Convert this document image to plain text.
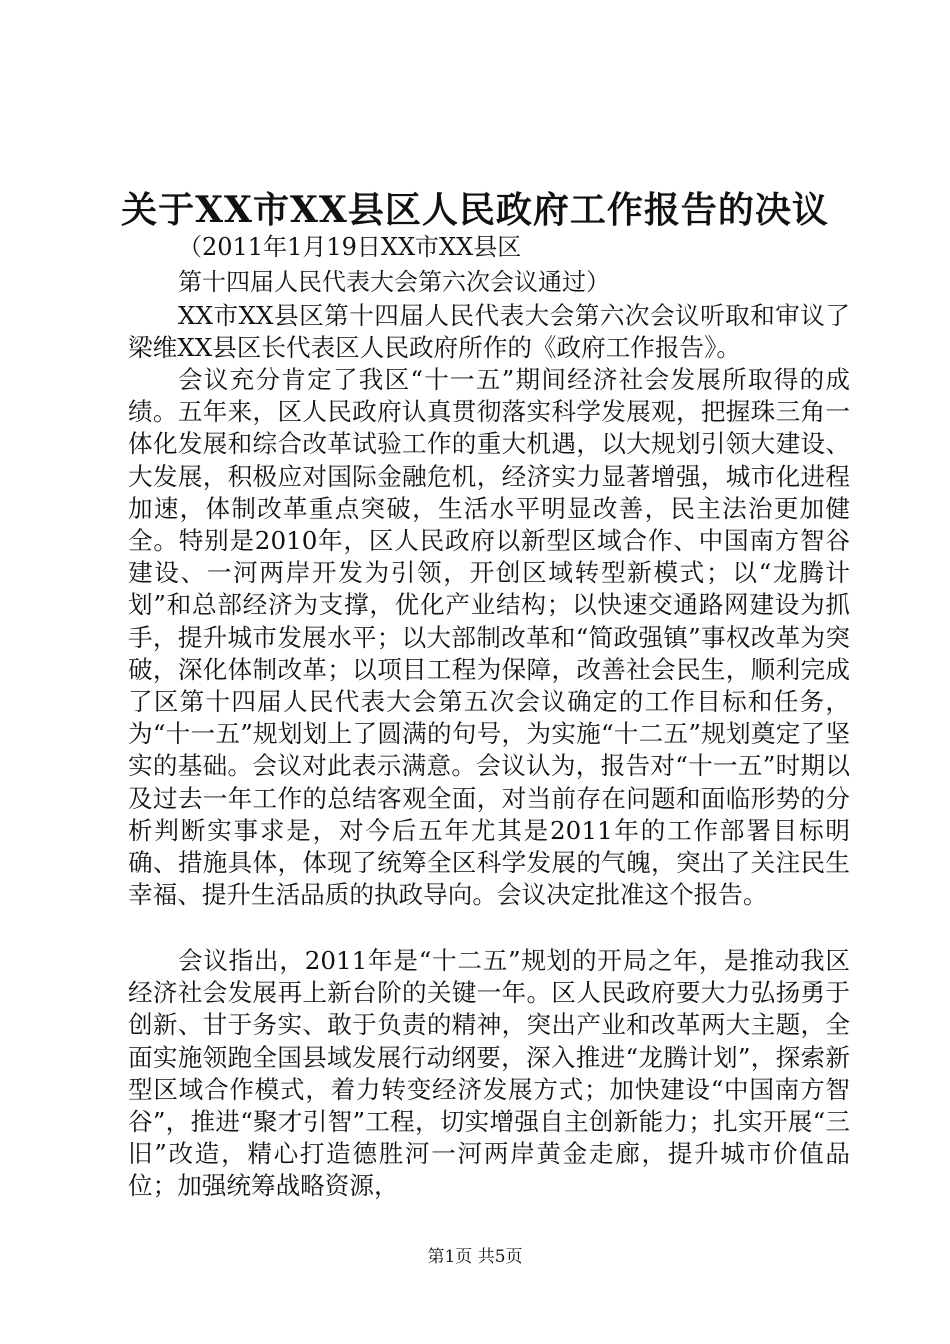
关于XX市XX县区人民政府工作报告的决议
（2011年1月19日XX市XX县区
第十四届人民代表大会第六次会议通过）

XX市XX县区第十四届人民代表大会第六次会议听取和审议了梁维XX县区长代表区人民政府所作的《政府工作报告》。

会议充分肯定了我区“十一五”期间经济社会发展所取得的成绩。五年来，区人民政府认真贯彻落实科学发展观，把握珠三角一体化发展和综合改革试验工作的重大机遇，以大规划引领大建设、大发展，积极应对国际金融危机，经济实力显著增强，城市化进程加速，体制改革重点突破，生活水平明显改善，民主法治更加健全。特别是2010年，区人民政府以新型区域合作、中国南方智谷建设、一河两岸开发为引领，开创区域转型新模式；以“龙腾计划”和总部经济为支撑，优化产业结构；以快速交通路网建设为抓手，提升城市发展水平；以大部制改革和“简政强镇”事权改革为突破，深化体制改革；以项目工程为保障，改善社会民生，顺利完成了区第十四届人民代表大会第五次会议确定的工作目标和任务，为“十一五”规划划上了圆满的句号，为实施“十二五”规划奠定了坚实的基础。会议对此表示满意。会议认为，报告对“十一五”时期以及过去一年工作的总结客观全面，对当前存在问题和面临形势的分析判断实事求是，对今后五年尤其是2011年的工作部署目标明确、措施具体，体现了统筹全区科学发展的气魄，突出了关注民生幸福、提升生活品质的执政导向。会议决定批准这个报告。

会议指出，2011年是“十二五”规划的开局之年，是推动我区经济社会发展再上新台阶的关键一年。区人民政府要大力弘扬勇于创新、甘于务实、敢于负责的精神，突出产业和改革两大主题，全面实施领跑全国县域发展行动纲要，深入推进“龙腾计划”，探索新型区域合作模式，着力转变经济发展方式；加快建设“中国南方智谷”，推进“聚才引智”工程，切实增强自主创新能力；扎实开展“三旧”改造，精心打造德胜河一河两岸黄金走廊，提升城市价值品位；加强统筹战略资源，

第1页 共5页
